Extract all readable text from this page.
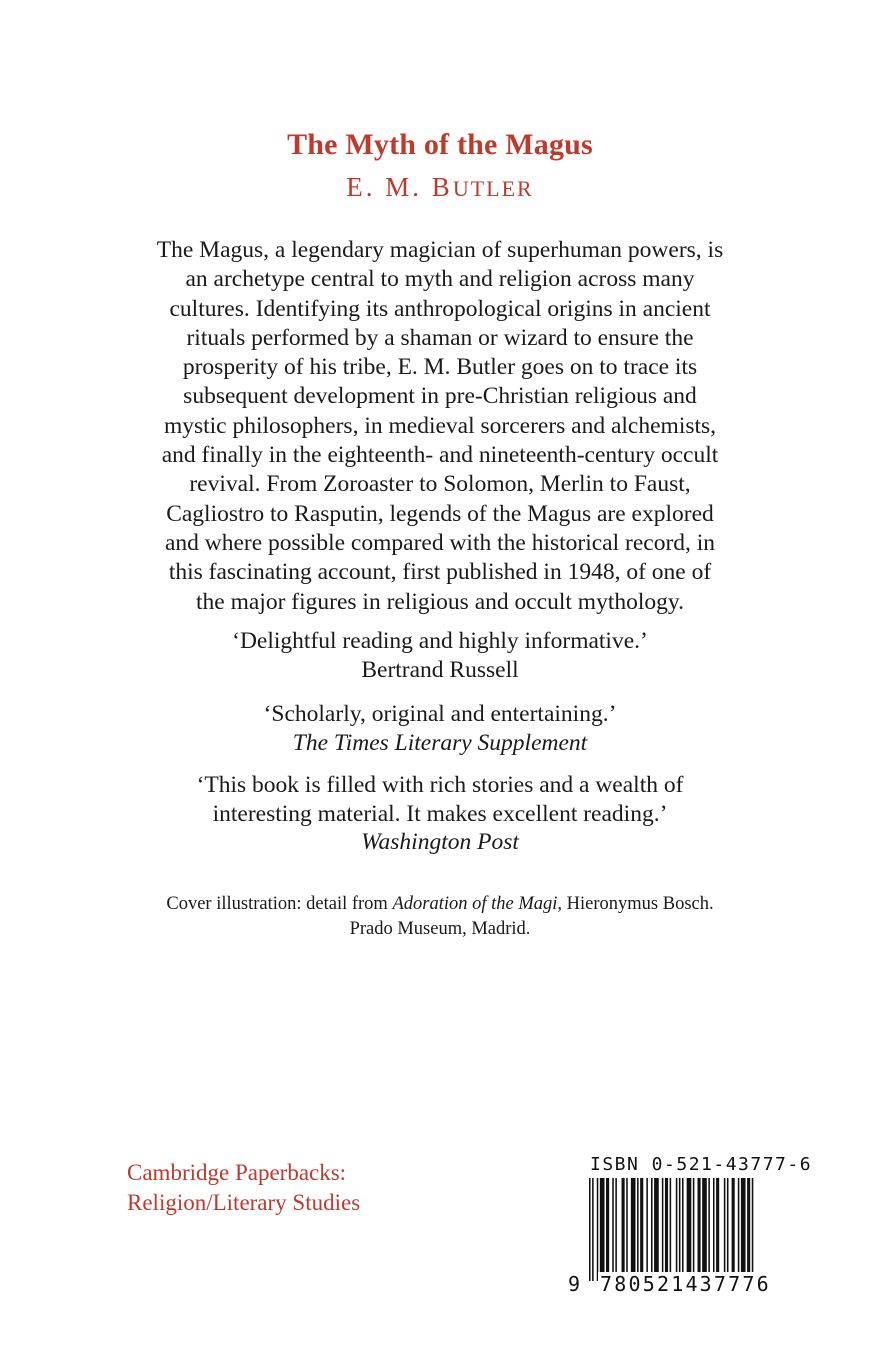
The Myth of the Magus
E. M. BUTLER
The Magus, a legendary magician of superhuman powers, is
an archetype central to myth and religion across many
cultures. Identifying its anthropological origins in ancient
rituals performed by a shaman or wizard to ensure the
prosperity of his tribe, E. M. Butler goes on to trace its
subsequent development in pre-Christian religious and
mystic philosophers, in medieval sorcerers and alchemists,
and finally in the eighteenth- and nineteenth-century occult
revival. From Zoroaster to Solomon, Merlin to Faust,
Cagliostro to Rasputin, legends of the Magus are explored
and where possible compared with the historical record, in
this fascinating account, first published in 1948, of one of
the major figures in religious and occult mythology.
‘Delightful reading and highly informative.’
Bertrand Russell
‘Scholarly, original and entertaining.’
The Times Literary Supplement
‘This book is filled with rich stories and a wealth of
interesting material. It makes excellent reading.’
Washington Post
Cover illustration: detail from Adoration of the Magi, Hieronymus Bosch.
Prado Museum, Madrid.
Cambridge Paperbacks:
Religion/Literary Studies
ISBN 0-521-43777-6

9

780521437776
